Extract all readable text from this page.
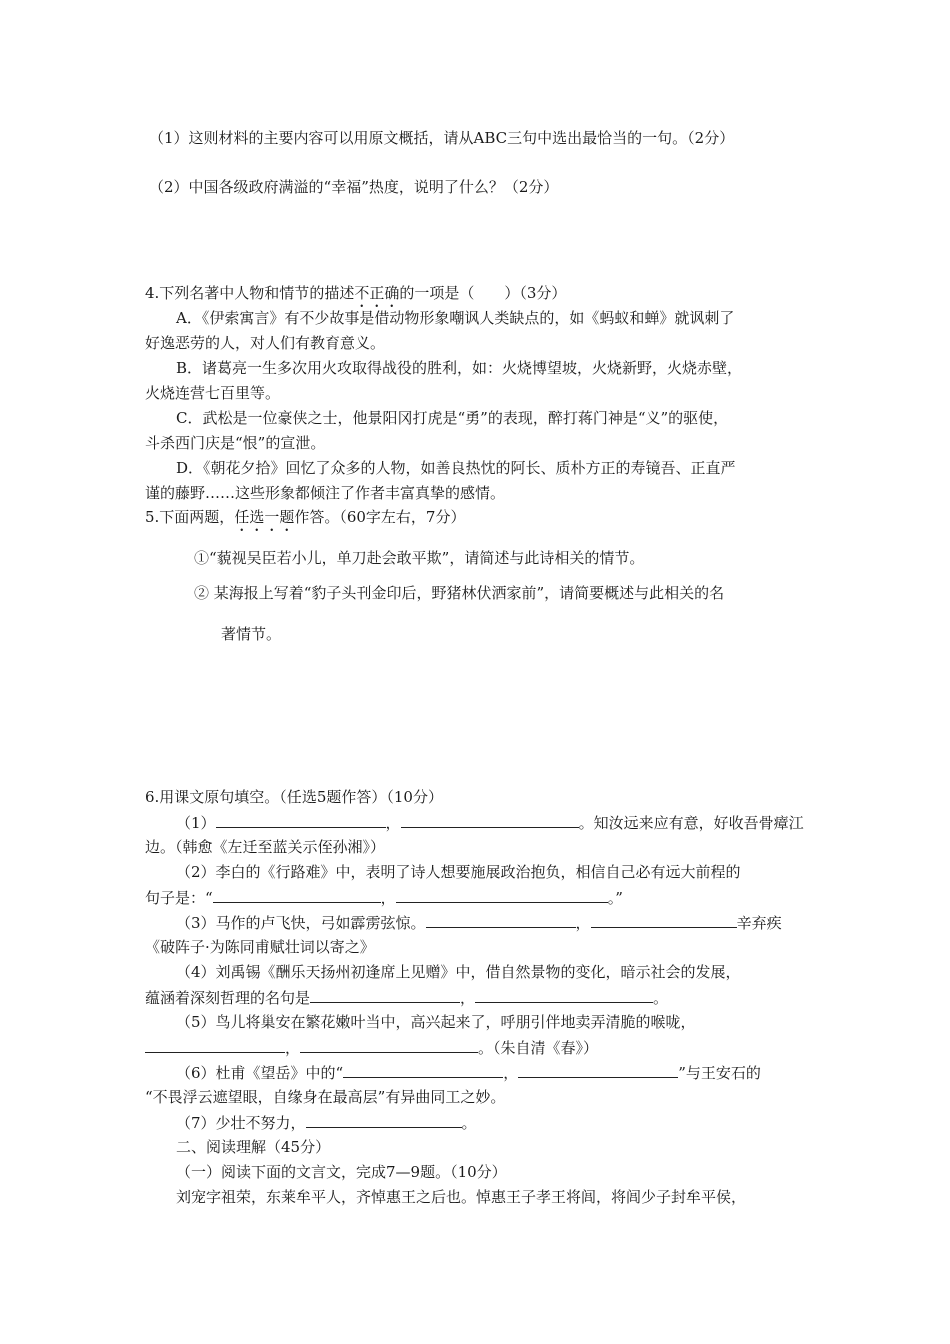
（1）这则材料的主要内容可以用原文概括，请从ABC三句中选出最恰当的一句。（2分）
（2）中国各级政府满溢的“幸福”热度，说明了什么？（2分）
4.下列名著中人物和情节的描述不正确的一项是（　　）（3分）
A．《伊索寓言》有不少故事是借动物形象嘲讽人类缺点的，如《蚂蚁和蝉》就讽刺了
好逸恶劳的人，对人们有教育意义。
B．诸葛亮一生多次用火攻取得战役的胜利，如：火烧博望坡，火烧新野，火烧赤壁，
火烧连营七百里等。
C．武松是一位豪侠之士，他景阳冈打虎是“勇”的表现，醉打蒋门神是“义”的驱使，
斗杀西门庆是“恨”的宣泄。
D．《朝花夕拾》回忆了众多的人物，如善良热忱的阿长、质朴方正的寿镜吾、正直严
谨的藤野……这些形象都倾注了作者丰富真挚的感情。
5.下面两题，任选一题作答。（60字左右，7分）
①“藐视吴臣若小儿，单刀赴会敢平欺”，请简述与此诗相关的情节。
② 某海报上写着“豹子头刊金印后，野猪林伏洒家前”，请简要概述与此相关的名
著情节。
6.用课文原句填空。（任选5题作答）（10分）
（1）	，	。知汝远来应有意，好收吾骨瘴江
边。（韩愈《左迁至蓝关示侄孙湘》）
（2）李白的《行路难》中，表明了诗人想要施展政治抱负，相信自己必有远大前程的
句子是：“	，	。”
（3）马作的卢飞快，弓如霹雳弦惊。	，	辛弃疾
《破阵子·为陈同甫赋壮词以寄之》
（4）刘禹锡《酬乐天扬州初逢席上见赠》中，借自然景物的变化，暗示社会的发展，
蕴涵着深刻哲理的名句是	，	。
（5）鸟儿将巢安在繁花嫩叶当中，高兴起来了，呼朋引伴地卖弄清脆的喉咙，
，	。（朱自清《春》）
（6）杜甫《望岳》中的“	，	”与王安石的
“不畏浮云遮望眼，自缘身在最高层”有异曲同工之妙。
（7）少壮不努力，	。
二、阅读理解（45分）
（一）阅读下面的文言文，完成7—9题。（10分）
刘宠字祖荣，东莱牟平人，齐悼惠王之后也。悼惠王子孝王将闾，将闾少子封牟平侯，
